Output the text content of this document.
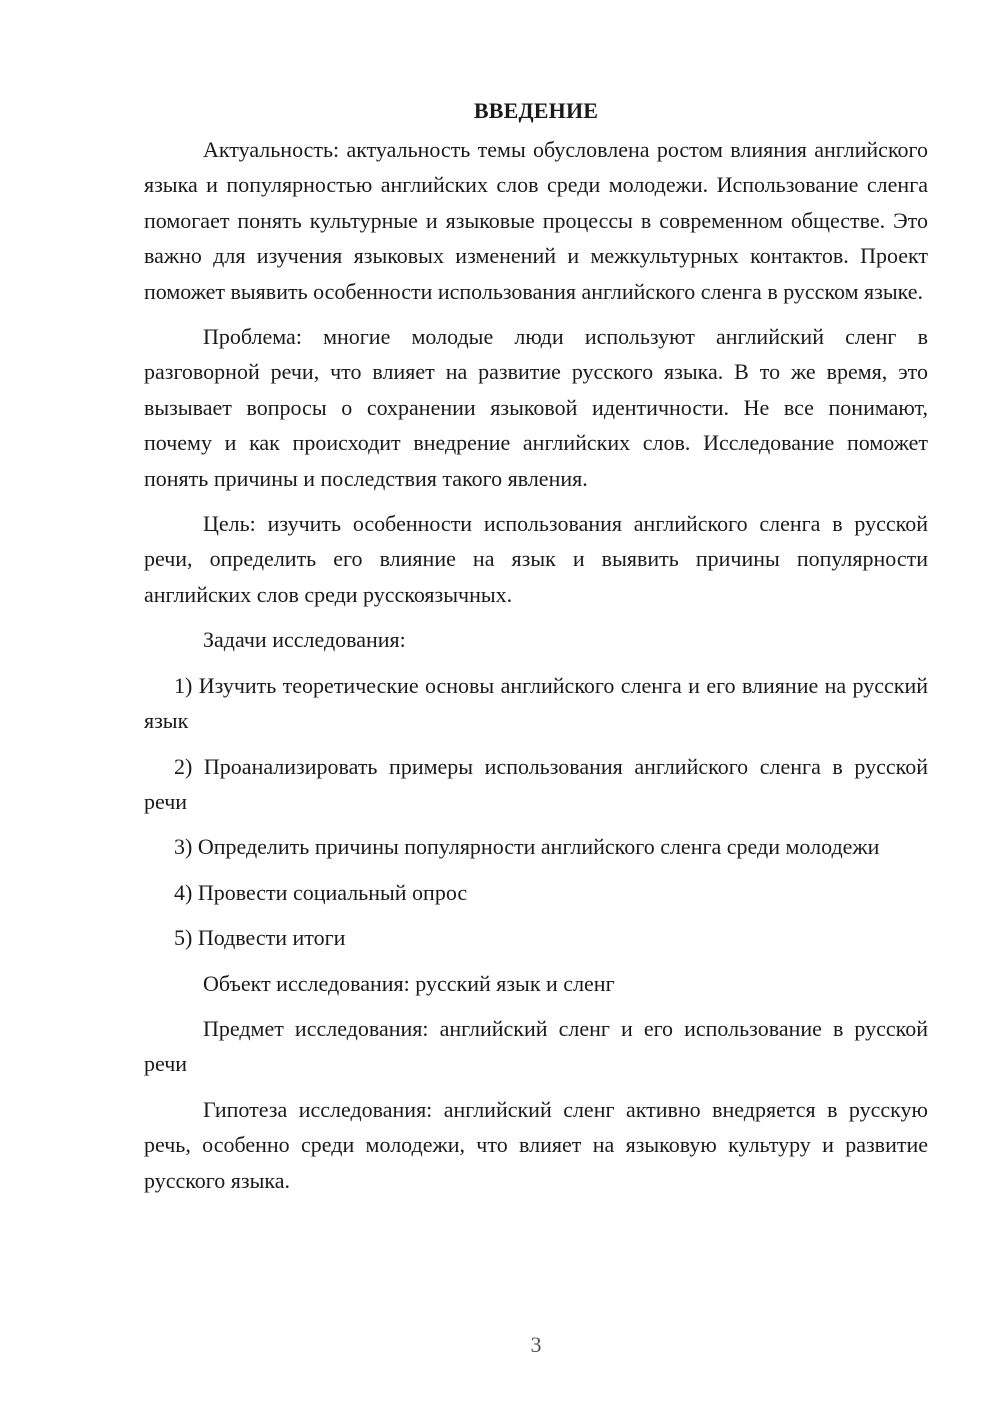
ВВЕДЕНИЕ

Актуальность: актуальность темы обусловлена ростом влияния английского языка и популярностью английских слов среди молодежи. Использование сленга помогает понять культурные и языковые процессы в современном обществе. Это важно для изучения языковых изменений и межкультурных контактов. Проект поможет выявить особенности использования английского сленга в русском языке.

Проблема: многие молодые люди используют английский сленг в разговорной речи, что влияет на развитие русского языка. В то же время, это вызывает вопросы о сохранении языковой идентичности. Не все понимают, почему и как происходит внедрение английских слов. Исследование поможет понять причины и последствия такого явления.

Цель: изучить особенности использования английского сленга в русской речи, определить его влияние на язык и выявить причины популярности английских слов среди русскоязычных.

Задачи исследования:

1) Изучить теоретические основы английского сленга и его влияние на русский язык

2) Проанализировать примеры использования английского сленга в русской речи

3) Определить причины популярности английского сленга среди молодежи

4) Провести социальный опрос

5) Подвести итоги

Объект исследования: русский язык и сленг

Предмет исследования: английский сленг и его использование в русской речи

Гипотеза исследования: английский сленг активно внедряется в русскую речь, особенно среди молодежи, что влияет на языковую культуру и развитие русского языка.

3
